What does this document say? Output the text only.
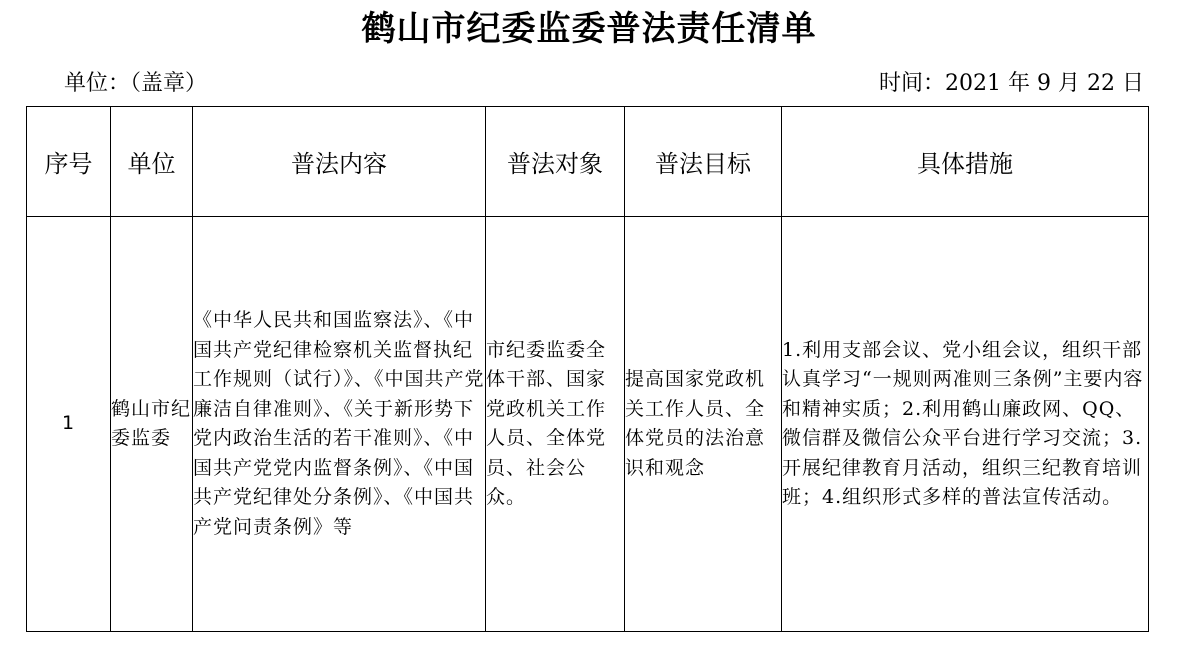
鹤山市纪委监委普法责任清单
单位：（盖章）	时间：2021 年 9 月 22 日
序号	单位	普法内容	普法对象	普法目标	具体措施
1	鹤山市纪委监委	《中华人民共和国监察法》、《中国共产党纪律检察机关监督执纪工作规则（试行）》、《中国共产党廉洁自律准则》、《关于新形势下党内政治生活的若干准则》、《中国共产党党内监督条例》、《中国共产党纪律处分条例》、《中国共产党问责条例》等	市纪委监委全体干部、国家党政机关工作人员、全体党员、社会公众。	提高国家党政机关工作人员、全体党员的法治意识和观念	1.利用支部会议、党小组会议，组织干部认真学习“一规则两准则三条例”主要内容和精神实质；2.利用鹤山廉政网、QQ、微信群及微信公众平台进行学习交流；3.开展纪律教育月活动，组织三纪教育培训班；4.组织形式多样的普法宣传活动。
